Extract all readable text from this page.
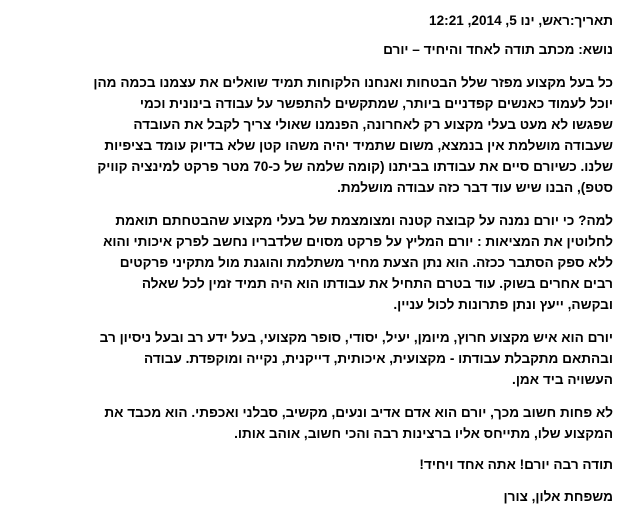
תאריך:ראש, ינו 5, 2014, 12:21
נושא: מכתב תודה לאחד והיחיד – יורם
כל בעל מקצוע מפזר שלל הבטחות ואנחנו הלקוחות תמיד שואלים את עצמנו בכמה מהן
יוכל לעמוד כאנשים קפדניים ביותר, שמתקשים להתפשר על עבודה בינונית וכמי
שפגשו לא מעט בעלי מקצוע רק לאחרונה, הפנמנו שאולי צריך לקבל את העובדה
שעבודה מושלמת אין בנמצא, משום שתמיד יהיה משהו קטן שלא בדיוק עומד בציפיות
שלנו. כשיורם סיים את עבודתו בביתנו (קומה שלמה של כ-70 מטר פרקט למינציה קוויק
סטפ), הבנו שיש עוד דבר כזה עבודה מושלמת.
למה? כי יורם נמנה על קבוצה קטנה ומצומצמת של בעלי מקצוע שהבטחתם תואמת
לחלוטין את המציאות : יורם המליץ על פרקט מסוים שלדבריו נחשב לפרק איכותי והוא
ללא ספק הסתבר ככזה. הוא נתן הצעת מחיר משתלמת והוגנת מול מתקיני פרקטים
רבים אחרים בשוק. עוד בטרם התחיל את עבודתו הוא היה תמיד זמין לכל שאלה
ובקשה, ייעץ ונתן פתרונות לכול עניין.
יורם הוא איש מקצוע חרוץ, מיומן, יעיל, יסודי, סופר מקצועי, בעל ידע רב ובעל ניסיון רב
ובהתאם מתקבלת עבודתו - מקצועית, איכותית, דייקנית, נקייה ומוקפדת. עבודה
העשויה ביד אמן.
לא פחות חשוב מכך, יורם הוא אדם אדיב ונעים, מקשיב, סבלני ואכפתי. הוא מכבד את
המקצוע שלו, מתייחס אליו ברצינות רבה והכי חשוב, אוהב אותו.
תודה רבה יורם! אתה אחד ויחיד!
משפחת אלון, צורן
